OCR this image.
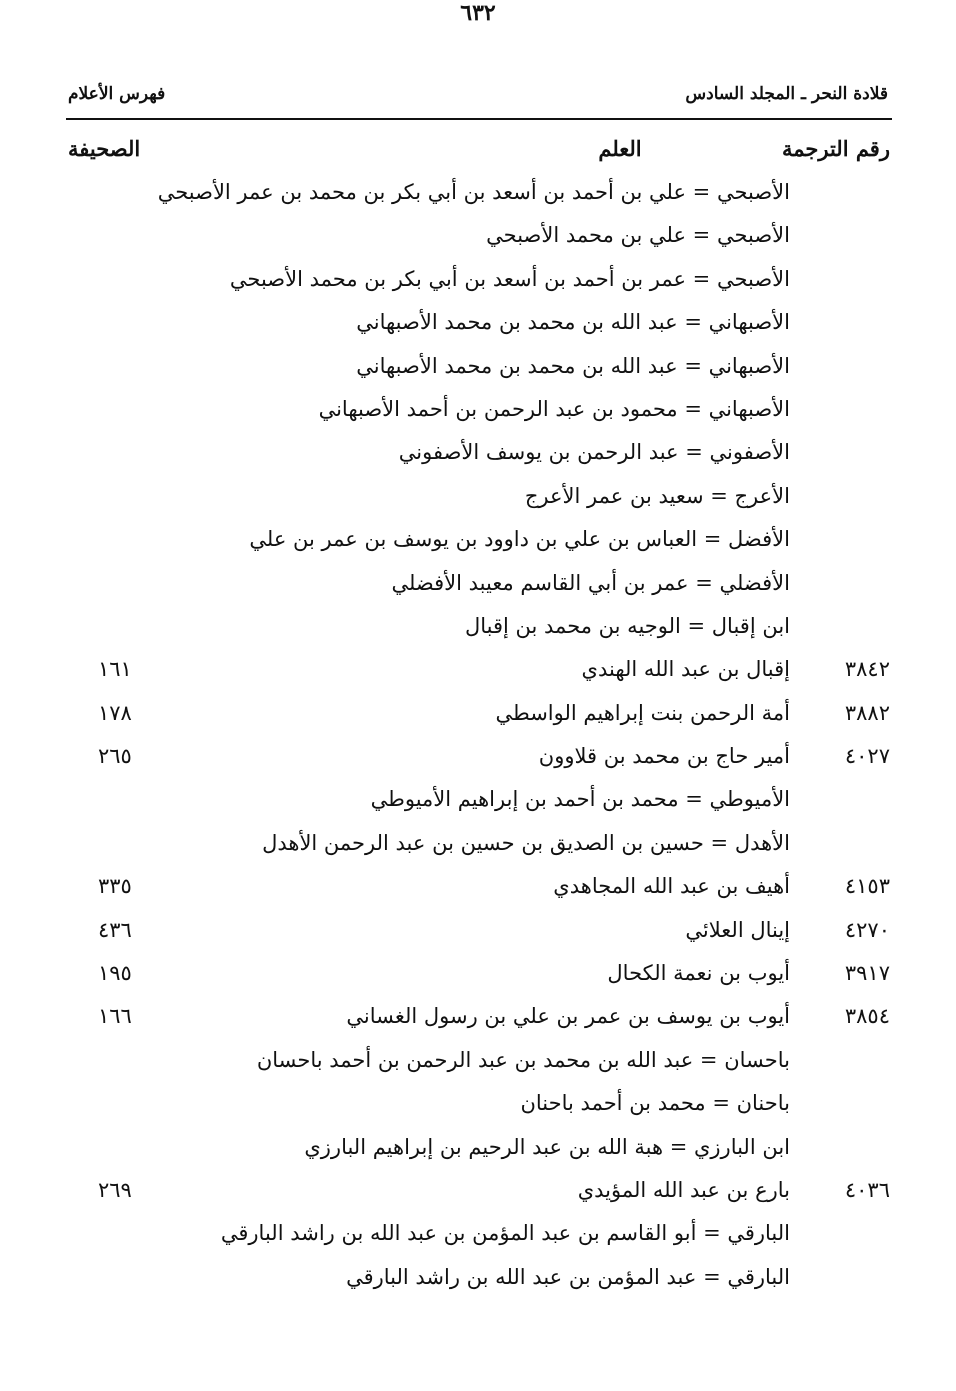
قلادة النحر ـ المجلد السادس
٦٣٢
فهرس الأعلام
رقم الترجمة
العلم
الصحيفة
الأصبحي = علي بن أحمد بن أسعد بن أبي بكر بن محمد بن عمر الأصبحي
الأصبحي = علي بن محمد الأصبحي
الأصبحي = عمر بن أحمد بن أسعد بن أبي بكر بن محمد الأصبحي
الأصبهاني = عبد الله بن محمد بن محمد الأصبهاني
الأصبهاني = عبد الله بن محمد بن محمد الأصبهاني
الأصبهاني = محمود بن عبد الرحمن بن أحمد الأصبهاني
الأصفوني = عبد الرحمن بن يوسف الأصفوني
الأعرج = سعيد بن عمر الأعرج
الأفضل = العباس بن علي بن داوود بن يوسف بن عمر بن علي
الأفضلي = عمر بن أبي القاسم معيبد الأفضلي
ابن إقبال = الوجيه بن محمد بن إقبال
٣٨٤٢
إقبال بن عبد الله الهندي
١٦١
٣٨٨٢
أمة الرحمن بنت إبراهيم الواسطي
١٧٨
٤٠٢٧
أمير حاج بن محمد بن قلاوون
٢٦٥
الأميوطي = محمد بن أحمد بن إبراهيم الأميوطي
الأهدل = حسين بن الصديق بن حسين بن عبد الرحمن الأهدل
٤١٥٣
أهيف بن عبد الله المجاهدي
٣٣٥
٤٢٧٠
إينال العلائي
٤٣٦
٣٩١٧
أيوب بن نعمة الكحال
١٩٥
٣٨٥٤
أيوب بن يوسف بن عمر بن علي بن رسول الغساني
١٦٦
باحسان = عبد الله بن محمد بن عبد الرحمن بن أحمد باحسان
باحنان = محمد بن أحمد باحنان
ابن البارزي = هبة الله بن عبد الرحيم بن إبراهيم البارزي
٤٠٣٦
بارع بن عبد الله المؤيدي
٢٦٩
البارقي = أبو القاسم بن عبد المؤمن بن عبد الله بن راشد البارقي
البارقي = عبد المؤمن بن عبد الله بن راشد البارقي
